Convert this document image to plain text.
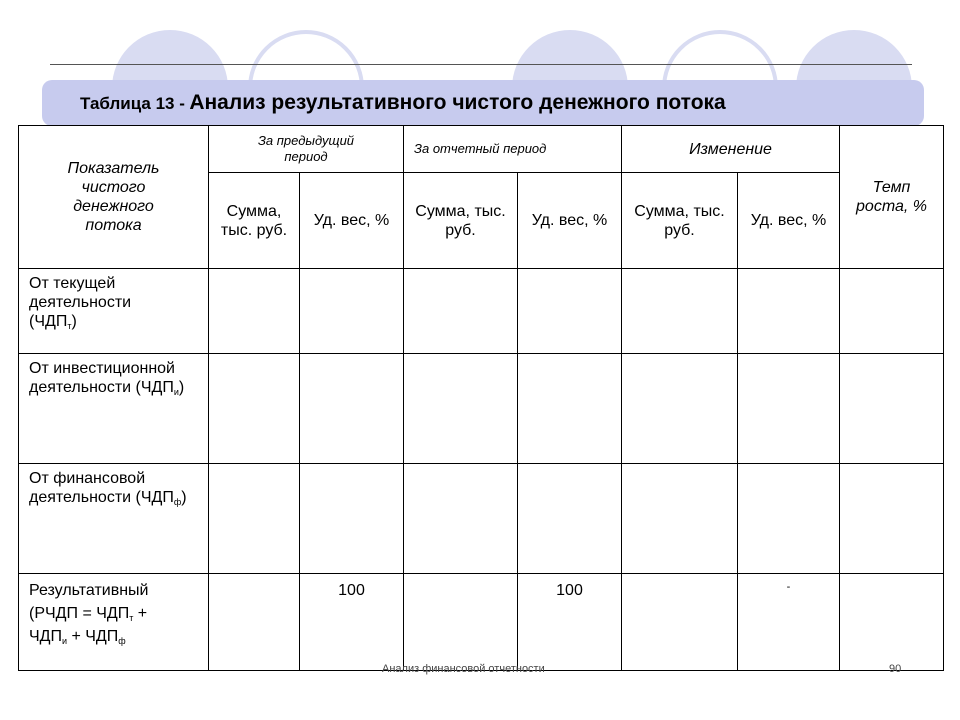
Таблица 13 - Анализ результативного чистого денежного потока
Показатель чистого денежного потока	За предыдущий период		За отчетный период		Изменение		Темп роста, %

	Сумма, тыс. руб.	Уд. вес, %	Сумма, тыс. руб.	Уд. вес, %	Сумма, тыс. руб.	Уд. вес, %	

От текущей деятельности $(ЧДП_т)$							

От инвестиционной деятельности $(ЧДП_и)$							

От финансовой деятельности $(ЧДП_ф)$							

Результативный
(РЧДП = $ЧДП_т$ +
$ЧДП_и + ЧДП_ф$		100		100		-	
Анализ финансовой отчетности	90
